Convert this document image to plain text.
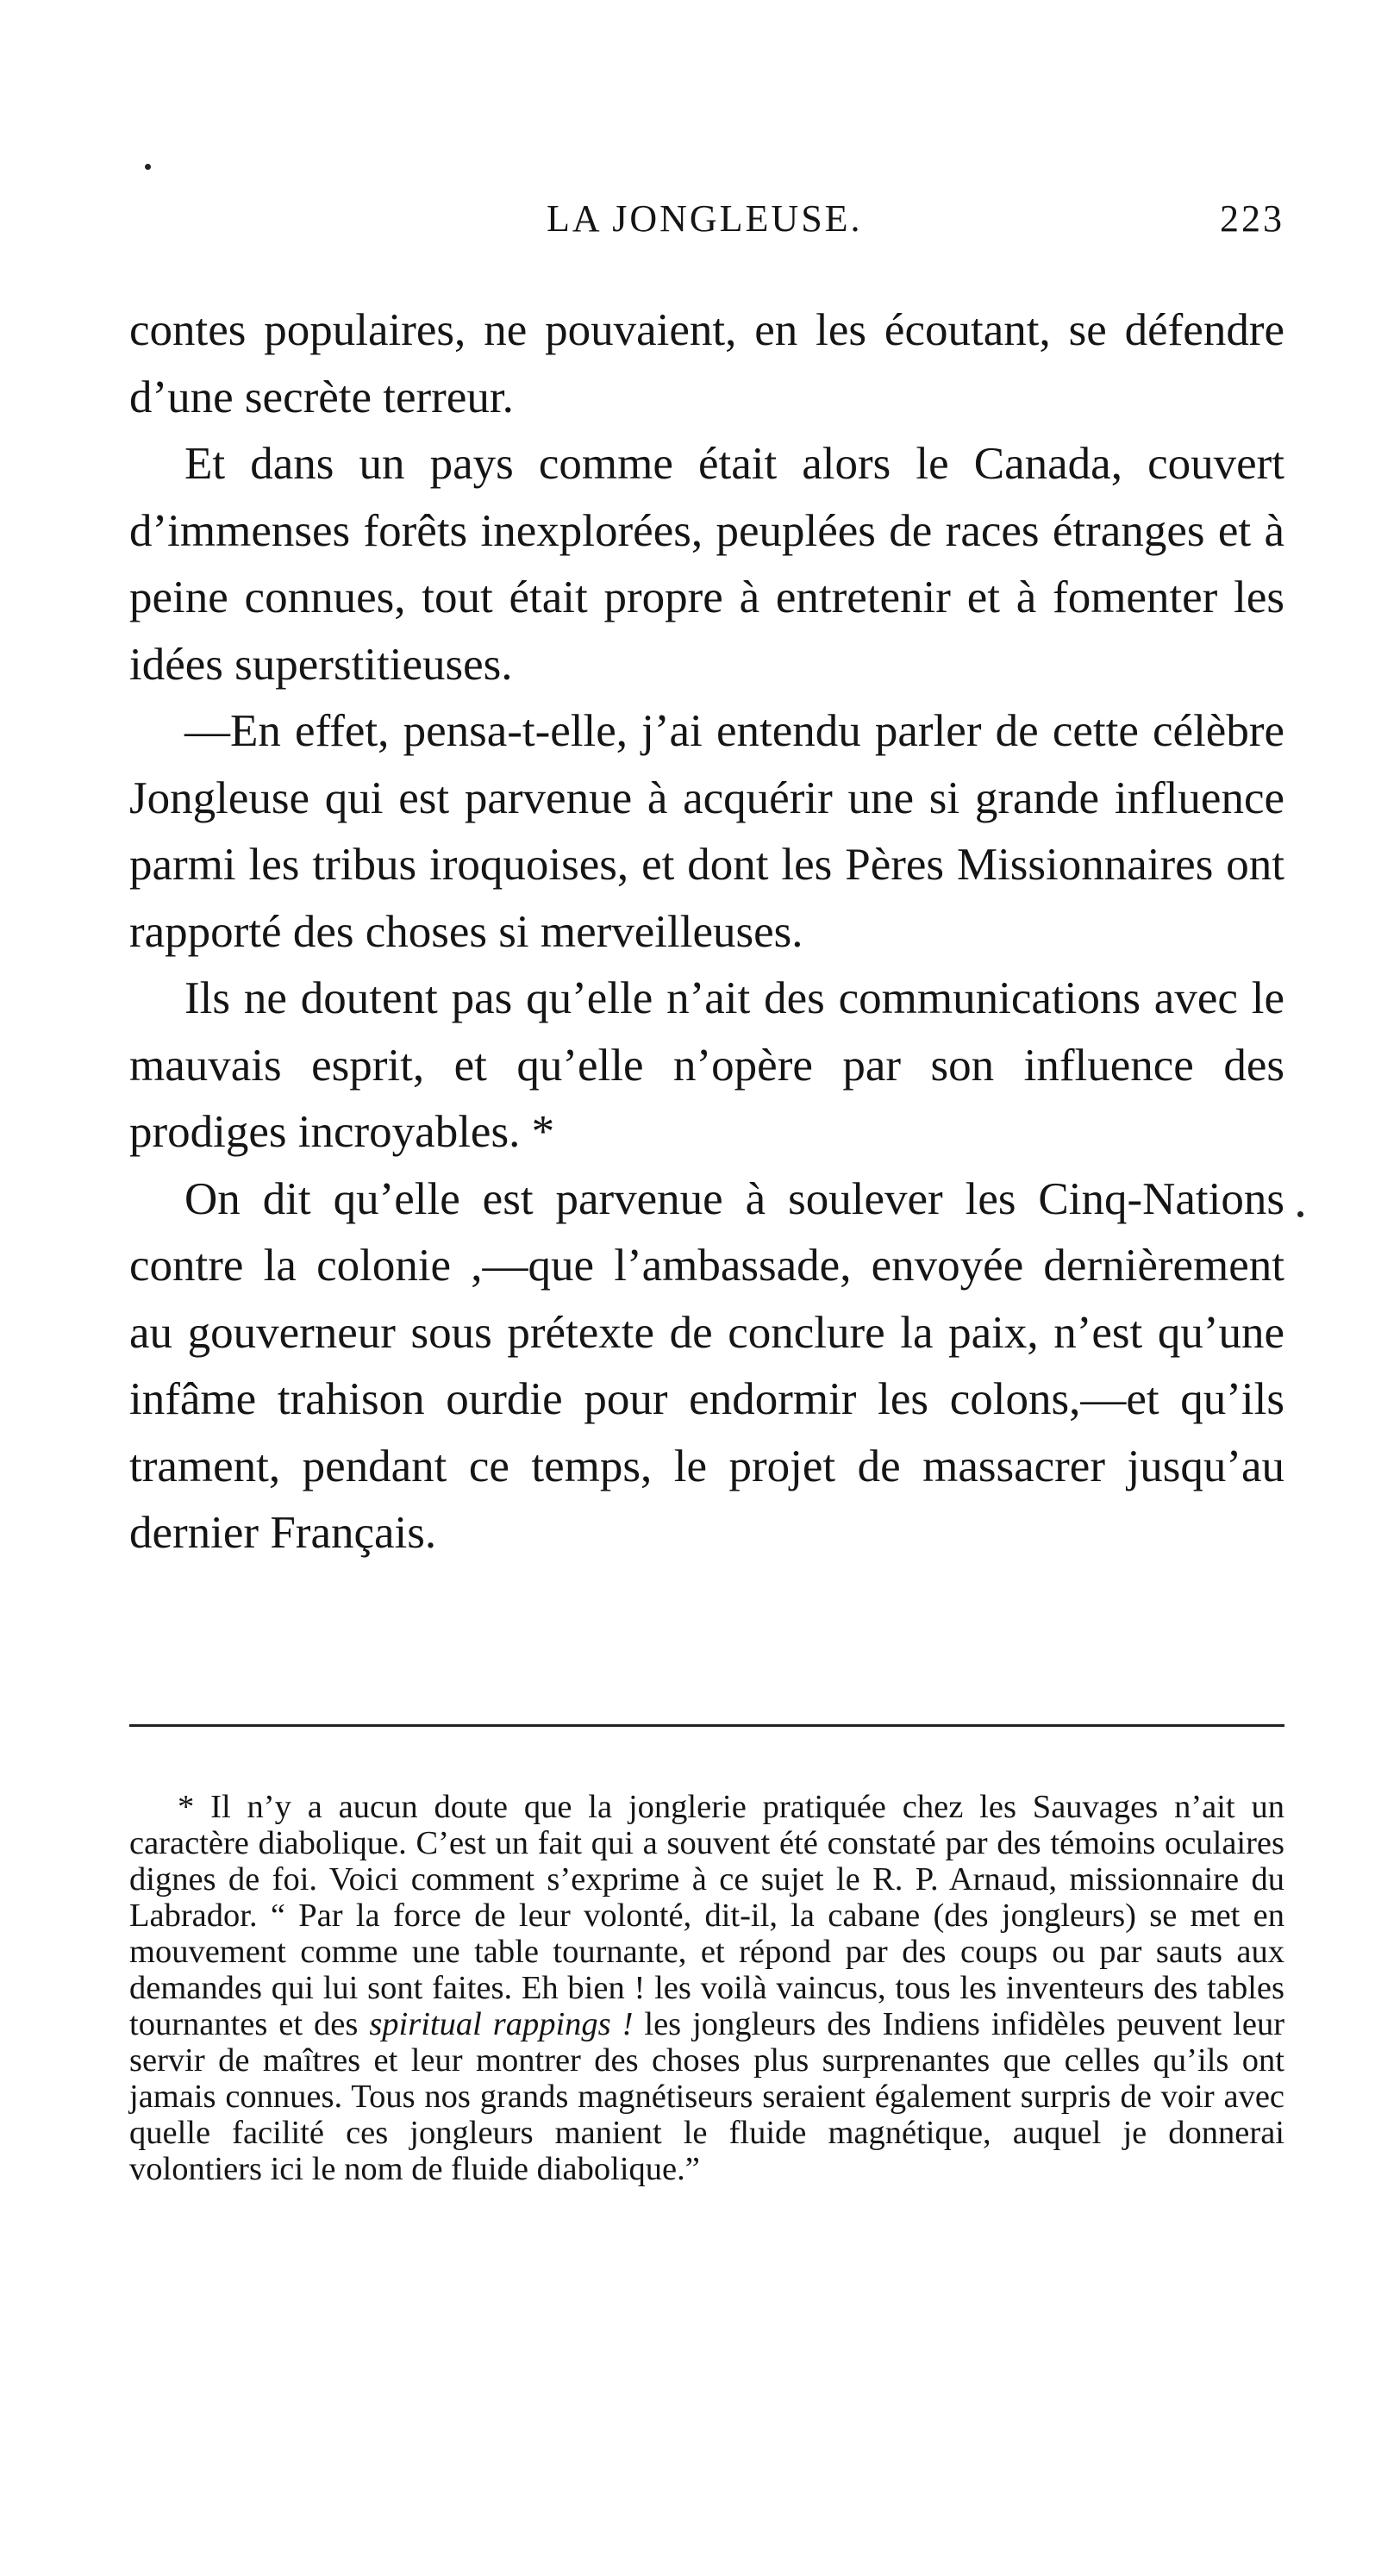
LA JONGLEUSE.	223

contes populaires, ne pouvaient, en les écoutant, se défendre d’une secrète terreur.

Et dans un pays comme était alors le Canada, couvert d’immenses forêts inexplorées, peuplées de races étranges et à peine connues, tout était propre à entretenir et à fomenter les idées superstitieuses.

—En effet, pensa-t-elle, j’ai entendu parler de cette célèbre Jongleuse qui est parvenue à acquérir une si grande influence parmi les tribus iroquoises, et dont les Pères Missionnaires ont rapporté des choses si merveilleuses.

Ils ne doutent pas qu’elle n’ait des communications avec le mauvais esprit, et qu’elle n’opère par son influence des prodiges incroyables. *

On dit qu’elle est parvenue à soulever les Cinq-Nations contre la colonie ,—que l’ambassade, envoyée dernièrement au gouverneur sous prétexte de conclure la paix, n’est qu’une infâme trahison ourdie pour endormir les colons,—et qu’ils trament, pendant ce temps, le projet de massacrer jusqu’au dernier Français.

* Il n’y a aucun doute que la jonglerie pratiquée chez les Sauvages n’ait un caractère diabolique. C’est un fait qui a souvent été constaté par des témoins oculaires dignes de foi. Voici comment s’exprime à ce sujet le R. P. Arnaud, missionnaire du Labrador. “ Par la force de leur volonté, dit-il, la cabane (des jongleurs) se met en mouvement comme une table tournante, et répond par des coups ou par sauts aux demandes qui lui sont faites. Eh bien ! les voilà vaincus, tous les inventeurs des tables tournantes et des spiritual rappings ! les jongleurs des Indiens infidèles peuvent leur servir de maîtres et leur montrer des choses plus surprenantes que celles qu’ils ont jamais connues. Tous nos grands magnétiseurs seraient également surpris de voir avec quelle facilité ces jongleurs manient le fluide magnétique, auquel je donnerai volontiers ici le nom de fluide diabolique.”
